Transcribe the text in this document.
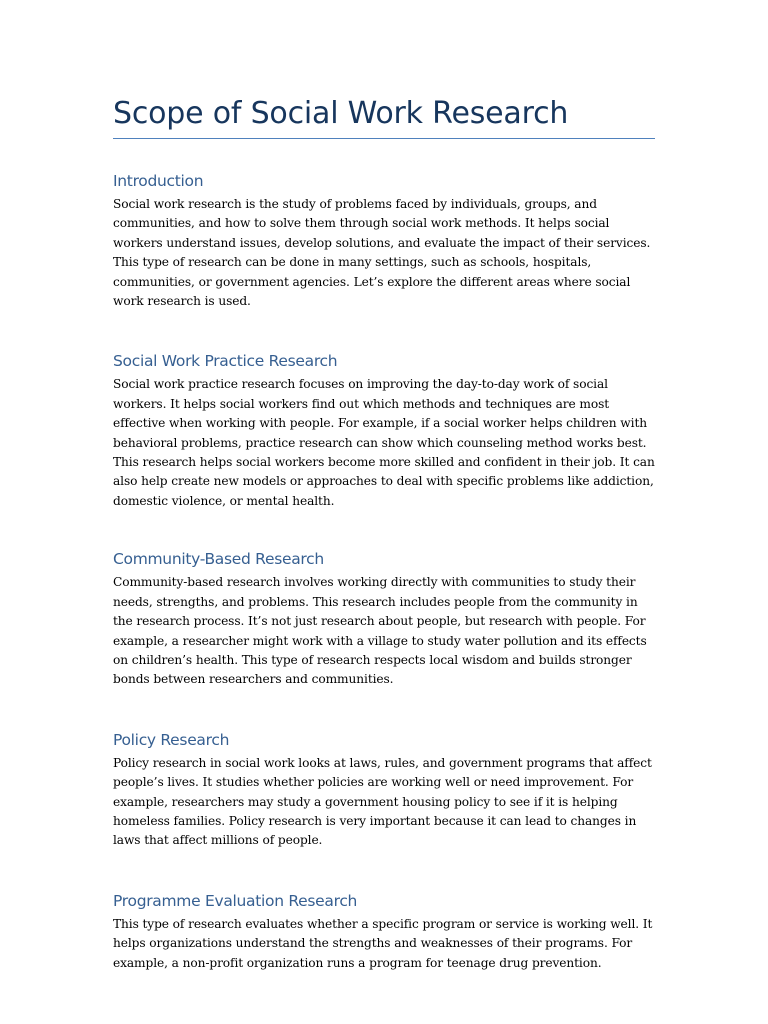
Scope of Social Work Research
Introduction

Social work research is the study of problems faced by individuals, groups, and communities, and how to solve them through social work methods. It helps social workers understand issues, develop solutions, and evaluate the impact of their services. This type of research can be done in many settings, such as schools, hospitals, communities, or government agencies. Let’s explore the different areas where social work research is used.

Social Work Practice Research

Social work practice research focuses on improving the day-to-day work of social workers. It helps social workers find out which methods and techniques are most effective when working with people. For example, if a social worker helps children with behavioral problems, practice research can show which counseling method works best. This research helps social workers become more skilled and confident in their job. It can also help create new models or approaches to deal with specific problems like addiction, domestic violence, or mental health.

Community-Based Research

Community-based research involves working directly with communities to study their needs, strengths, and problems. This research includes people from the community in the research process. It’s not just research about people, but research with people. For example, a researcher might work with a village to study water pollution and its effects on children’s health. This type of research respects local wisdom and builds stronger bonds between researchers and communities.

Policy Research

Policy research in social work looks at laws, rules, and government programs that affect people’s lives. It studies whether policies are working well or need improvement. For example, researchers may study a government housing policy to see if it is helping homeless families. Policy research is very important because it can lead to changes in laws that affect millions of people.

Programme Evaluation Research

This type of research evaluates whether a specific program or service is working well. It helps organizations understand the strengths and weaknesses of their programs. For example, a non-profit organization runs a program for teenage drug prevention.
